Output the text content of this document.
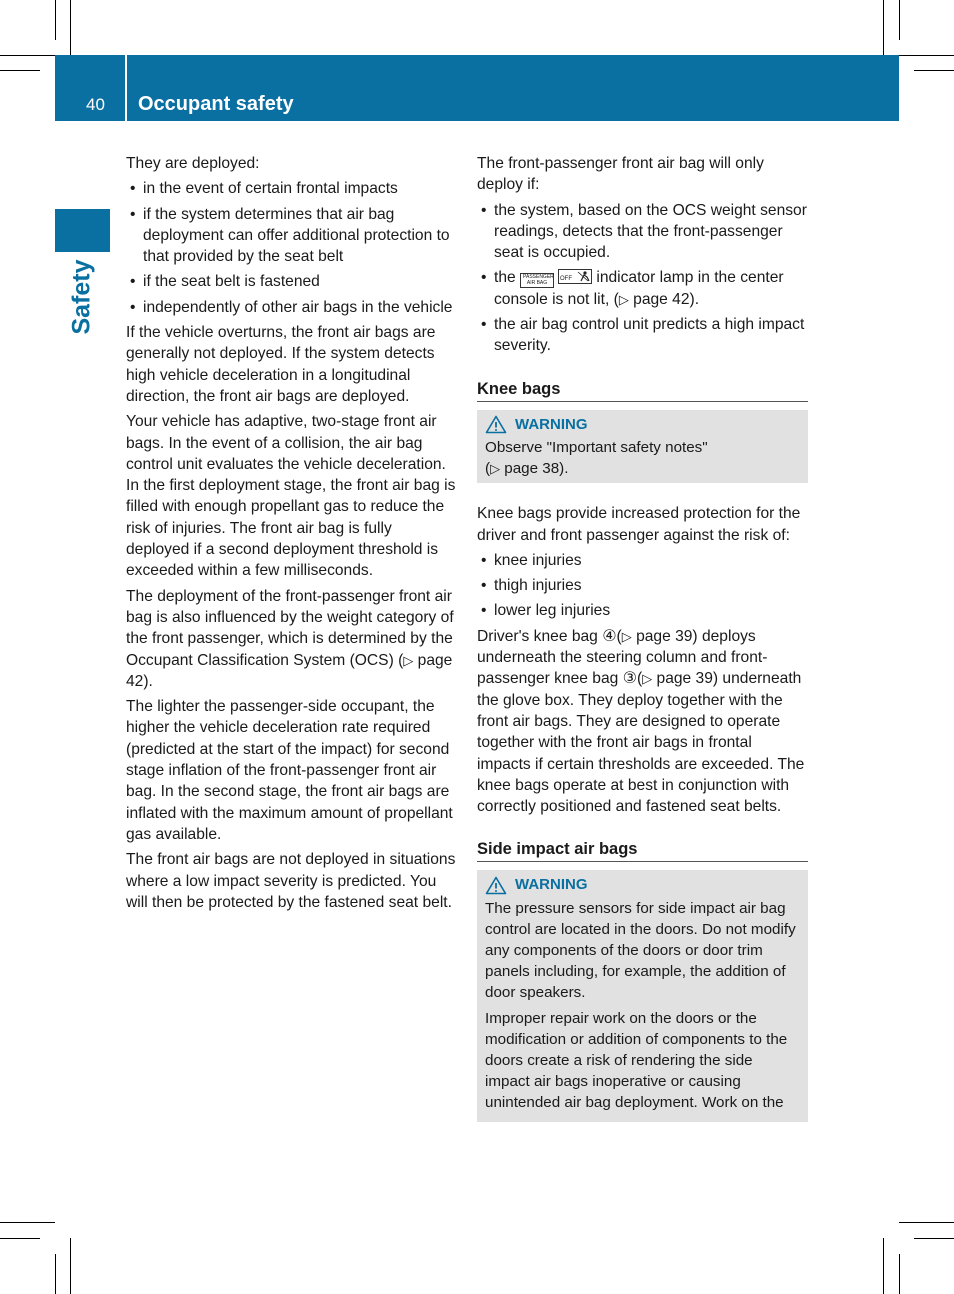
40 Occupant safety
Safety

They are deployed:

• in the event of certain frontal impacts
• if the system determines that air bag deployment can offer additional protection to that provided by the seat belt
• if the seat belt is fastened
• independently of other air bags in the vehicle

If the vehicle overturns, the front air bags are generally not deployed. If the system detects high vehicle deceleration in a longitudinal direction, the front air bags are deployed.

Your vehicle has adaptive, two-stage front air bags. In the event of a collision, the air bag control unit evaluates the vehicle deceleration. In the first deployment stage, the front air bag is filled with enough propellant gas to reduce the risk of injuries. The front air bag is fully deployed if a second deployment threshold is exceeded within a few milliseconds.

The deployment of the front-passenger front air bag is also influenced by the weight category of the front passenger, which is determined by the Occupant Classification System (OCS) (▷ page 42).

The lighter the passenger-side occupant, the higher the vehicle deceleration rate required (predicted at the start of the impact) for second stage inflation of the front-passenger front air bag. In the second stage, the front air bags are inflated with the maximum amount of propellant gas available.

The front air bags are not deployed in situations where a low impact severity is predicted. You will then be protected by the fastened seat belt.

The front-passenger front air bag will only deploy if:

• the system, based on the OCS weight sensor readings, detects that the front-passenger seat is occupied.
• the PASSENGER AIR BAG
OFF indicator lamp in the center console is not lit, (▷ page 42).
• the air bag control unit predicts a high impact severity.
Knee bags
WARNING
Observe "Important safety notes"
(▷ page 38).

Knee bags provide increased protection for the driver and front passenger against the risk of:

• knee injuries
• thigh injuries
• lower leg injuries

Driver's knee bag ④(▷ page 39) deploys underneath the steering column and front-passenger knee bag ③(▷ page 39) underneath the glove box. They deploy together with the front air bags. They are designed to operate together with the front air bags in frontal impacts if certain thresholds are exceeded. The knee bags operate at best in conjunction with correctly positioned and fastened seat belts.

Side impact air bags
WARNING

The pressure sensors for side impact air bag control are located in the doors. Do not modify any components of the doors or door trim panels including, for example, the addition of door speakers.

Improper repair work on the doors or the modification or addition of components to the doors create a risk of rendering the side impact air bags inoperative or causing unintended air bag deployment. Work on the
